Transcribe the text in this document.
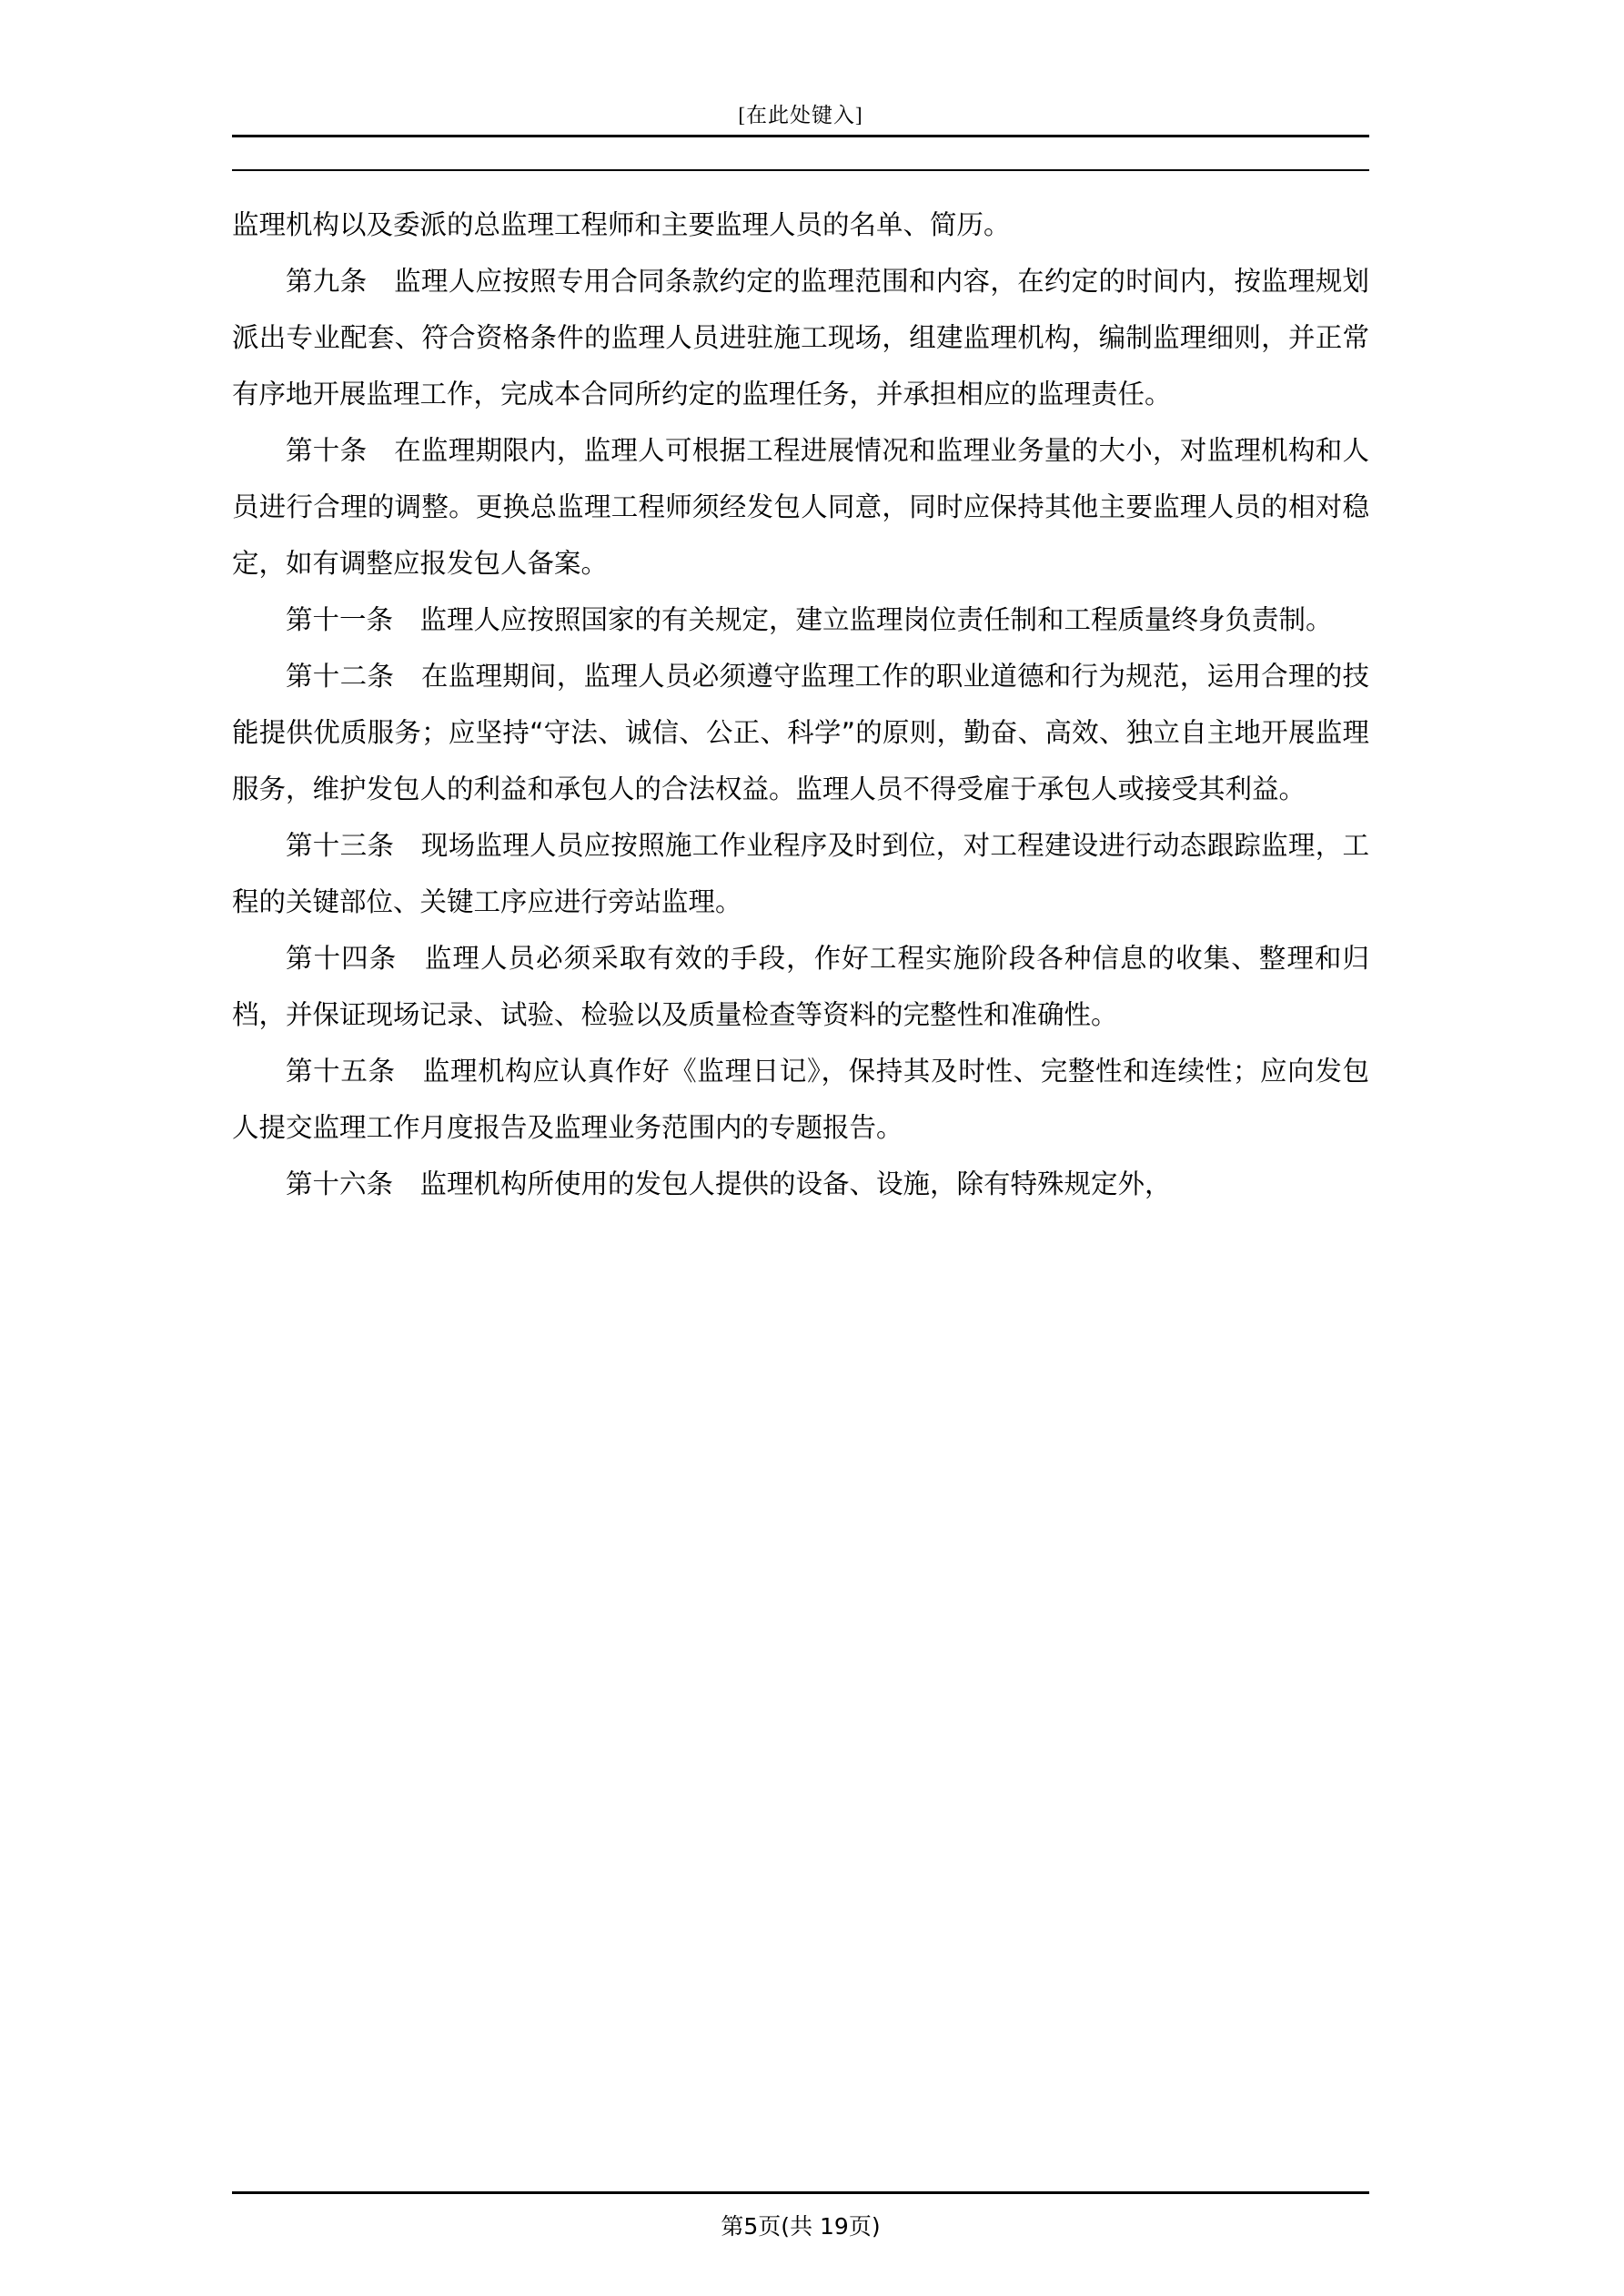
[在此处键入]

监理机构以及委派的总监理工程师和主要监理人员的名单、简历。

第九条　监理人应按照专用合同条款约定的监理范围和内容，在约定的时间内，按监理规划派出专业配套、符合资格条件的监理人员进驻施工现场，组建监理机构，编制监理细则，并正常有序地开展监理工作，完成本合同所约定的监理任务，并承担相应的监理责任。

第十条　在监理期限内，监理人可根据工程进展情况和监理业务量的大小，对监理机构和人员进行合理的调整。更换总监理工程师须经发包人同意，同时应保持其他主要监理人员的相对稳定，如有调整应报发包人备案。

第十一条　监理人应按照国家的有关规定，建立监理岗位责任制和工程质量终身负责制。

第十二条　在监理期间，监理人员必须遵守监理工作的职业道德和行为规范，运用合理的技能提供优质服务；应坚持“守法、诚信、公正、科学”的原则，勤奋、高效、独立自主地开展监理服务，维护发包人的利益和承包人的合法权益。监理人员不得受雇于承包人或接受其利益。

第十三条　现场监理人员应按照施工作业程序及时到位，对工程建设进行动态跟踪监理，工程的关键部位、关键工序应进行旁站监理。

第十四条　监理人员必须采取有效的手段，作好工程实施阶段各种信息的收集、整理和归档，并保证现场记录、试验、检验以及质量检查等资料的完整性和准确性。

第十五条　监理机构应认真作好《监理日记》，保持其及时性、完整性和连续性；应向发包人提交监理工作月度报告及监理业务范围内的专题报告。

第十六条　监理机构所使用的发包人提供的设备、设施，除有特殊规定外，

第5页(共 19页)
